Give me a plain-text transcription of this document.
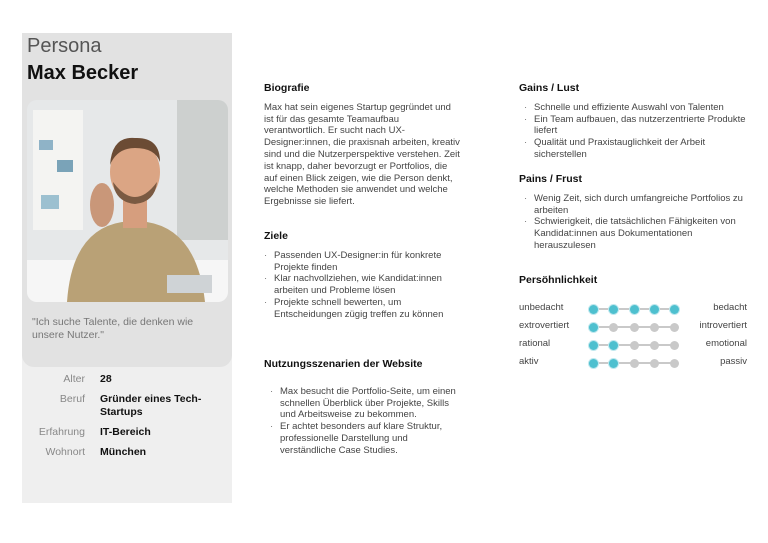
Persona
Max Becker
"Ich suche Talente, die denken wie unsere Nutzer."
Alter	28
Beruf	Gründer eines Tech-Startups
Erfahrung	IT-Bereich
Wohnort	München
Biografie

Max hat sein eigenes Startup gegründet und ist für das gesamte Teamaufbau verantwortlich. Er sucht nach UX-Designer:innen, die praxisnah arbeiten, kreativ sind und die Nutzerperspektive verstehen. Zeit ist knapp, daher bevorzugt er Portfolios, die auf einen Blick zeigen, wie die Person denkt, welche Methoden sie anwendet und welche Ergebnisse sie liefert.

Ziele
· Passenden UX-Designer:in für konkrete Projekte finden
· Klar nachvollziehen, wie Kandidat:innen arbeiten und Probleme lösen
· Projekte schnell bewerten, um Entscheidungen zügig treffen zu können
Nutzungsszenarien der Website
· Max besucht die Portfolio-Seite, um einen schnellen Überblick über Projekte, Skills und Arbeitsweise zu bekommen.
· Er achtet besonders auf klare Struktur, professionelle Darstellung und verständliche Case Studies.
Gains / Lust
· Schnelle und effiziente Auswahl von Talenten
· Ein Team aufbauen, das nutzerzentrierte Produkte liefert
· Qualität und Praxistauglichkeit der Arbeit sicherstellen
Pains / Frust
· Wenig Zeit, sich durch umfangreiche Portfolios zu arbeiten
· Schwierigkeit, die tatsächlichen Fähigkeiten von Kandidat:innen aus Dokumentationen herauszulesen
Persöhnlichkeit
unbedacht	bedacht
extrovertiert	introvertiert
rational	emotional
aktiv	passiv
